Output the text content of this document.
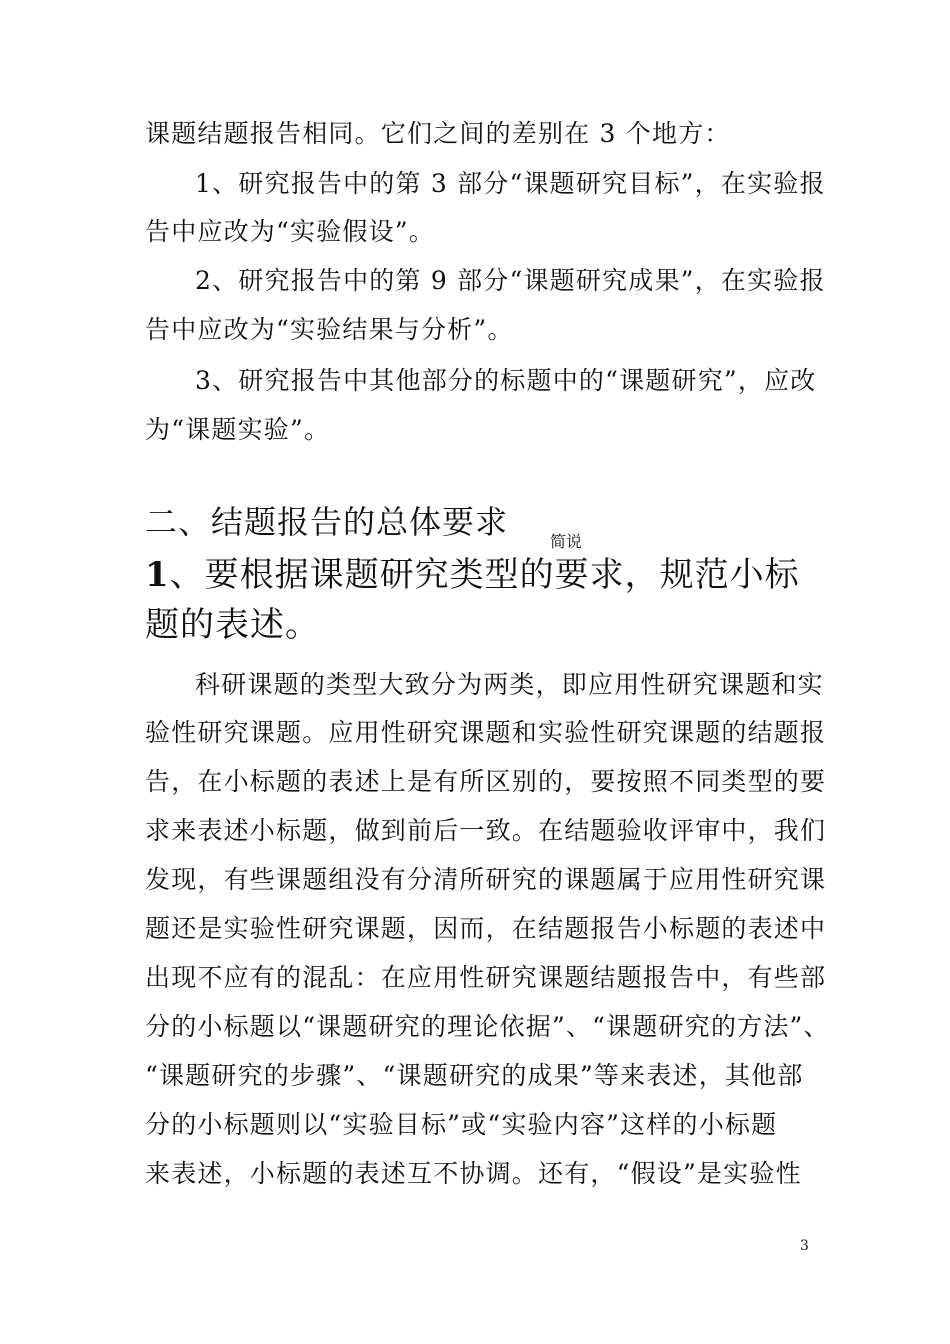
课题结题报告相同。它们之间的差别在 3 个地方：
1、研究报告中的第 3 部分“课题研究目标”，在实验报
告中应改为“实验假设”。
2、研究报告中的第 9 部分“课题研究成果”，在实验报
告中应改为“实验结果与分析”。
3、研究报告中其他部分的标题中的“课题研究”，应改
为“课题实验”。
二、结题报告的总体要求
简说
1、要根据课题研究类型的要求，规范小标
题的表述。
科研课题的类型大致分为两类，即应用性研究课题和实
验性研究课题。应用性研究课题和实验性研究课题的结题报
告，在小标题的表述上是有所区别的，要按照不同类型的要
求来表述小标题，做到前后一致。在结题验收评审中，我们
发现，有些课题组没有分清所研究的课题属于应用性研究课
题还是实验性研究课题，因而，在结题报告小标题的表述中
出现不应有的混乱：在应用性研究课题结题报告中，有些部
分的小标题以“课题研究的理论依据”、“课题研究的方法”、
“课题研究的步骤”、“课题研究的成果”等来表述，其他部
分的小标题则以“实验目标”或“实验内容”这样的小标题
来表述，小标题的表述互不协调。还有，“假设”是实验性
3
